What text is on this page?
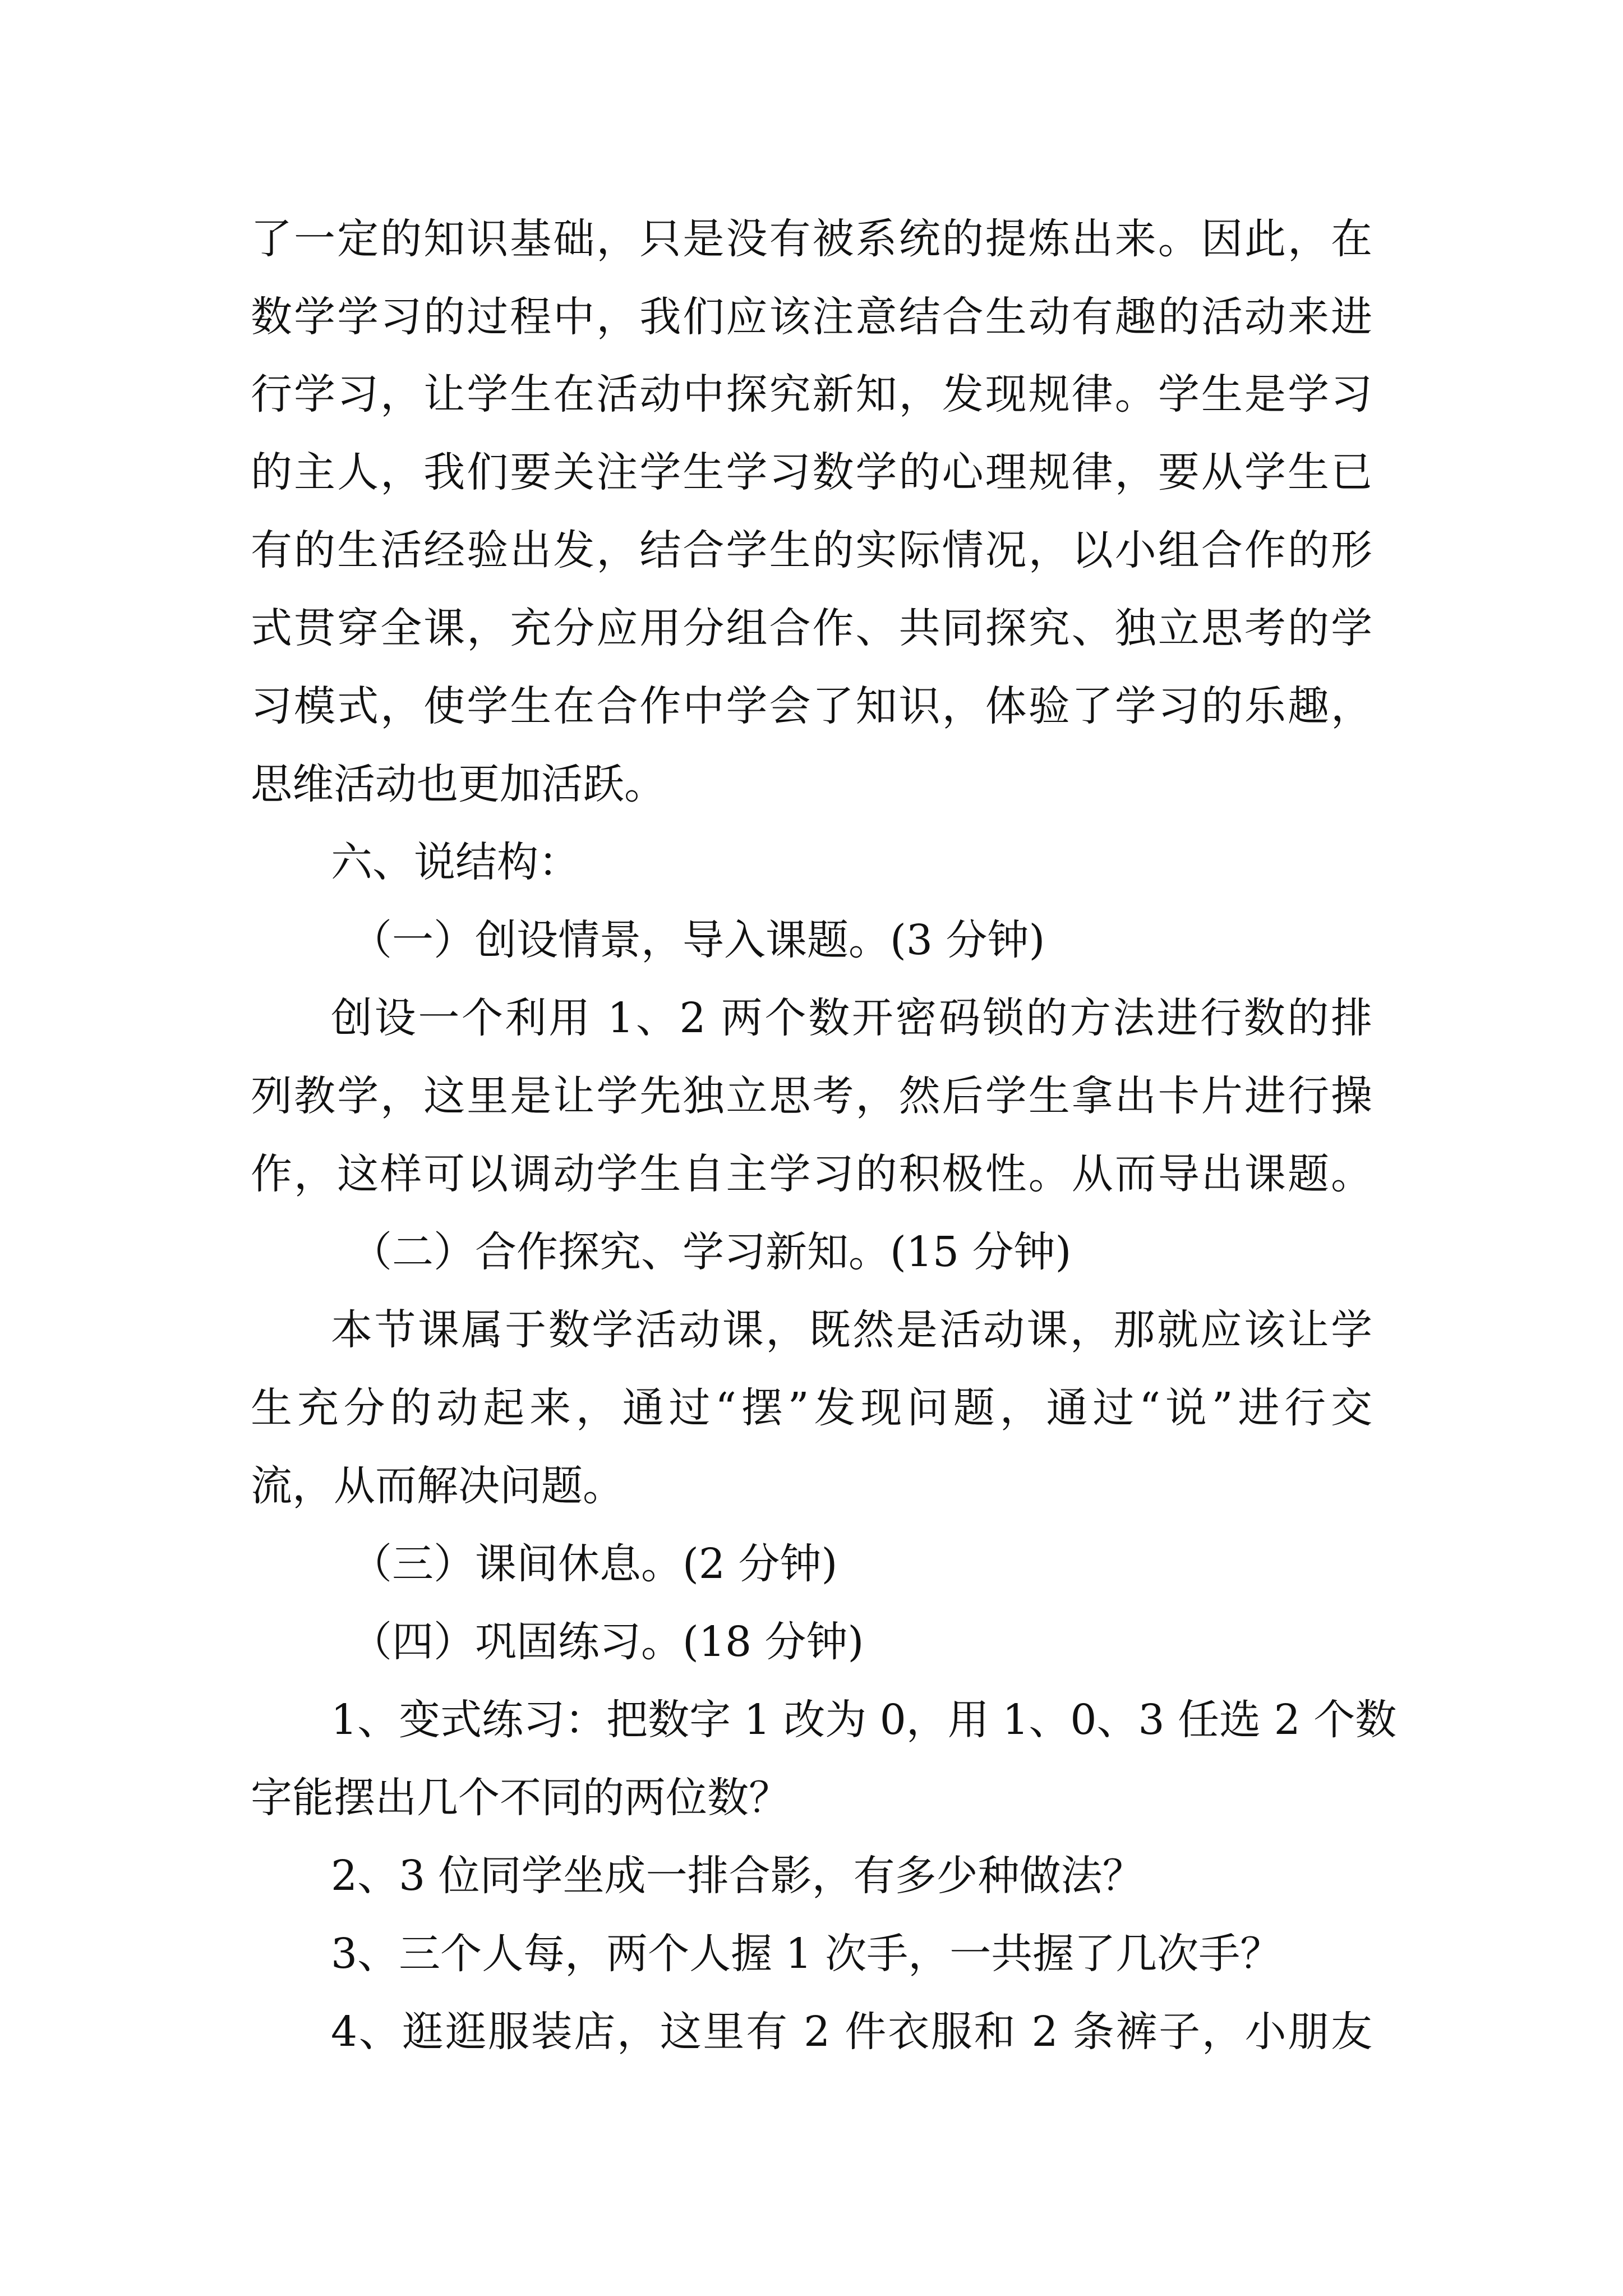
了一定的知识基础，只是没有被系统的提炼出来。因此，在

数学学习的过程中，我们应该注意结合生动有趣的活动来进

行学习，让学生在活动中探究新知，发现规律。学生是学习

的主人，我们要关注学生学习数学的心理规律，要从学生已

有的生活经验出发，结合学生的实际情况，以小组合作的形

式贯穿全课，充分应用分组合作、共同探究、独立思考的学

习模式，使学生在合作中学会了知识，体验了学习的乐趣，

思维活动也更加活跃。

六、说结构：

（一）创设情景，导入课题。(3 分钟)

创设一个利用 1、2 两个数开密码锁的方法进行数的排

列教学，这里是让学先独立思考，然后学生拿出卡片进行操

作，这样可以调动学生自主学习的积极性。从而导出课题。

（二）合作探究、学习新知。(15 分钟)

本节课属于数学活动课，既然是活动课，那就应该让学

生充分的动起来，通过“摆”发现问题，通过“说”进行交

流，从而解决问题。

（三）课间休息。(2 分钟)

（四）巩固练习。(18 分钟)

1、变式练习：把数字 1 改为 0，用 1、0、3 任选 2 个数

字能摆出几个不同的两位数？

2、3 位同学坐成一排合影，有多少种做法？

3、三个人每，两个人握 1 次手，一共握了几次手？

4、逛逛服装店，这里有 2 件衣服和 2 条裤子，小朋友
